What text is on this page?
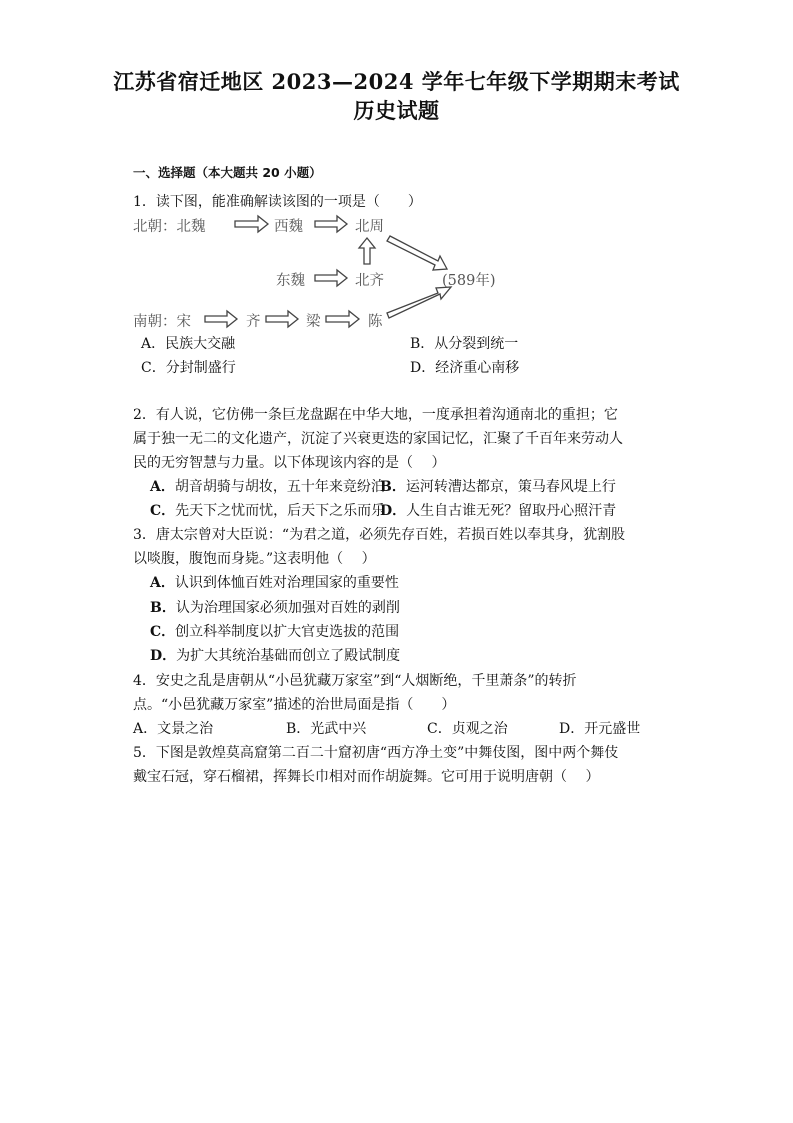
江苏省宿迁地区 2023—2024 学年七年级下学期期末考试
历史试题
一、选择题（本大题共 20 小题）
1．读下图，能准确解读该图的一项是（　　）
北朝：北魏	西魏	北周
东魏	北齐	(589年)
南朝：宋	齐	梁	陈
A．民族大交融	B．从分裂到统一
C．分封制盛行	D．经济重心南移
2．有人说，它仿佛一条巨龙盘踞在中华大地，一度承担着沟通南北的重担；它
属于独一无二的文化遗产，沉淀了兴衰更迭的家国记忆，汇聚了千百年来劳动人
民的无穷智慧与力量。以下体现该内容的是（　 ）
A．胡音胡骑与胡妆，五十年来竞纷泊
B．运河转漕达都京，策马春风堤上行
C．先天下之忧而忧，后天下之乐而乐
D．人生自古谁无死？留取丹心照汗青
3．唐太宗曾对大臣说：“为君之道，必须先存百姓，若损百姓以奉其身，犹割股
以啖腹，腹饱而身毙。”这表明他（　 ）
A．认识到体恤百姓对治理国家的重要性
B．认为治理国家必须加强对百姓的剥削
C．创立科举制度以扩大官吏选拔的范围
D．为扩大其统治基础而创立了殿试制度
4．安史之乱是唐朝从“小邑犹藏万家室”到“人烟断绝，千里萧条”的转折
点。“小邑犹藏万家室”描述的治世局面是指（　　）
A．文景之治	B．光武中兴	C．贞观之治	D．开元盛世
5．下图是敦煌莫高窟第二百二十窟初唐“西方净土变”中舞伎图，图中两个舞伎
戴宝石冠，穿石榴裙，挥舞长巾相对而作胡旋舞。它可用于说明唐朝（　 ）
